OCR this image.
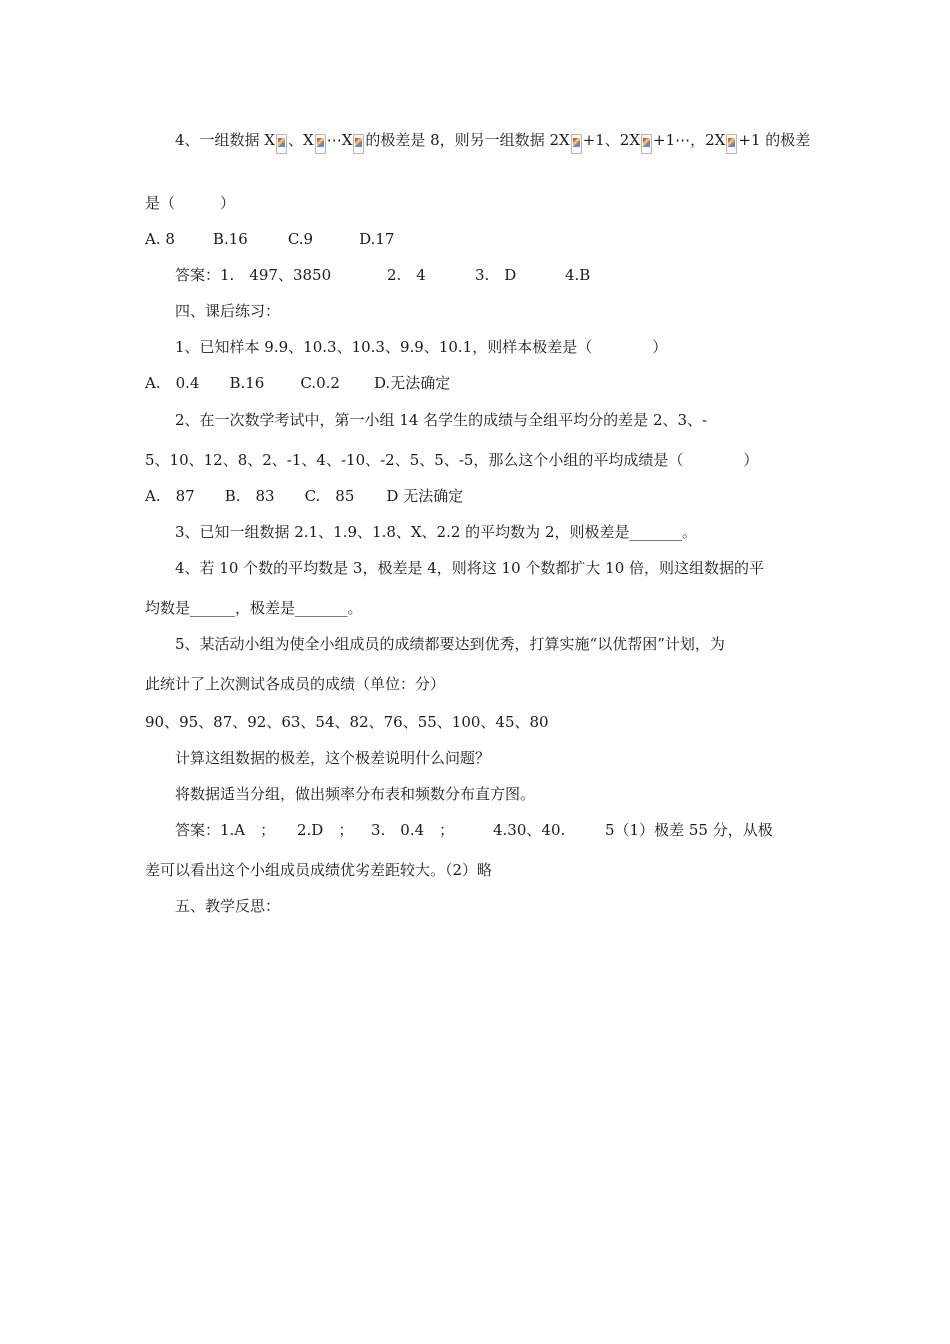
4、一组数据 X 、X ⋯X 的极差是 8，则另一组数据 2X +1、2X +1⋯，2X +1 的极差
是（　　　）
A. 8	B.16	C.9	D.17
答案：1.　497、3850	2.　4	3.　D	4.B
四、课后练习：
1、已知样本 9.9、10.3、10.3、9.9、10.1，则样本极差是（　　　　）
A.　0.4 B.16 C.0.2 D.无法确定
2、在一次数学考试中，第一小组 14 名学生的成绩与全组平均分的差是 2、3、-
5、10、12、8、2、-1、4、-10、-2、5、5、-5，那么这个小组的平均成绩是（　　　　）
A.　87 B.　83 C.　85 D 无法确定
3、已知一组数据 2.1、1.9、1.8、X、2.2 的平均数为 2，则极差是_______。
4、若 10 个数的平均数是 3，极差是 4，则将这 10 个数都扩大 10 倍，则这组数据的平
均数是______，极差是_______。
5、某活动小组为使全小组成员的成绩都要达到优秀，打算实施“以优帮困”计划，为
此统计了上次测试各成员的成绩（单位：分）
90、95、87、92、63、54、82、76、55、100、45、80
计算这组数据的极差，这个极差说明什么问题？
将数据适当分组，做出频率分布表和频数分布直方图。
答案：1.A　； 2.D　； 3.　0.4　；	4.30、40.	5（1）极差 55 分，从极
差可以看出这个小组成员成绩优劣差距较大。（2）略
五、教学反思：
